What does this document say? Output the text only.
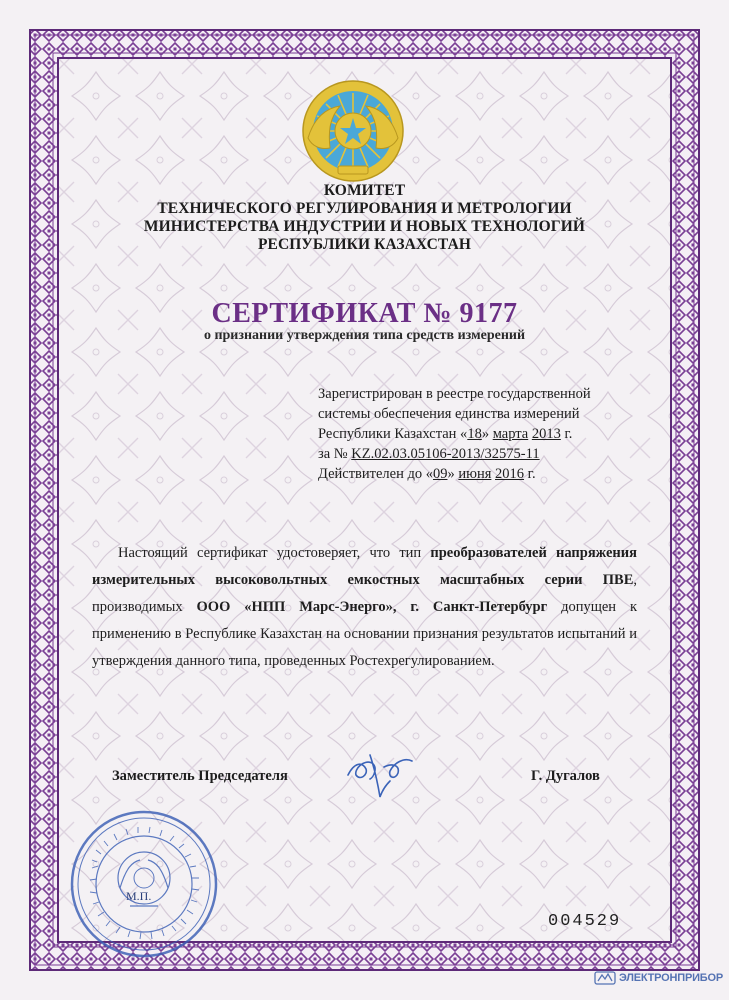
КОМИТЕТ
ТЕХНИЧЕСКОГО РЕГУЛИРОВАНИЯ И МЕТРОЛОГИИ
МИНИСТЕРСТВА ИНДУСТРИИ И НОВЫХ ТЕХНОЛОГИЙ
РЕСПУБЛИКИ КАЗАХСТАН
СЕРТИФИКАТ № 9177
о признании утверждения типа средств измерений
Зарегистрирован в реестре государственной
системы обеспечения единства измерений
Республики Казахстан «18» марта 2013 г.
за № KZ.02.03.05106-2013/32575-11
Действителен до «09» июня 2016 г.
Настоящий сертификат удостоверяет, что тип преобразователей напряжения измерительных высоковольтных емкостных масштабных серии ПВЕ, производимых ООО «НПП Марс-Энерго», г. Санкт-Петербург допущен к применению в Республике Казахстан на основании признания результатов испытаний и утверждения данного типа, проведенных Ростехрегулированием.
Заместитель Председателя	Г. Дугалов
М.П.
004529
ЭЛЕКТРОНПРИБОР
